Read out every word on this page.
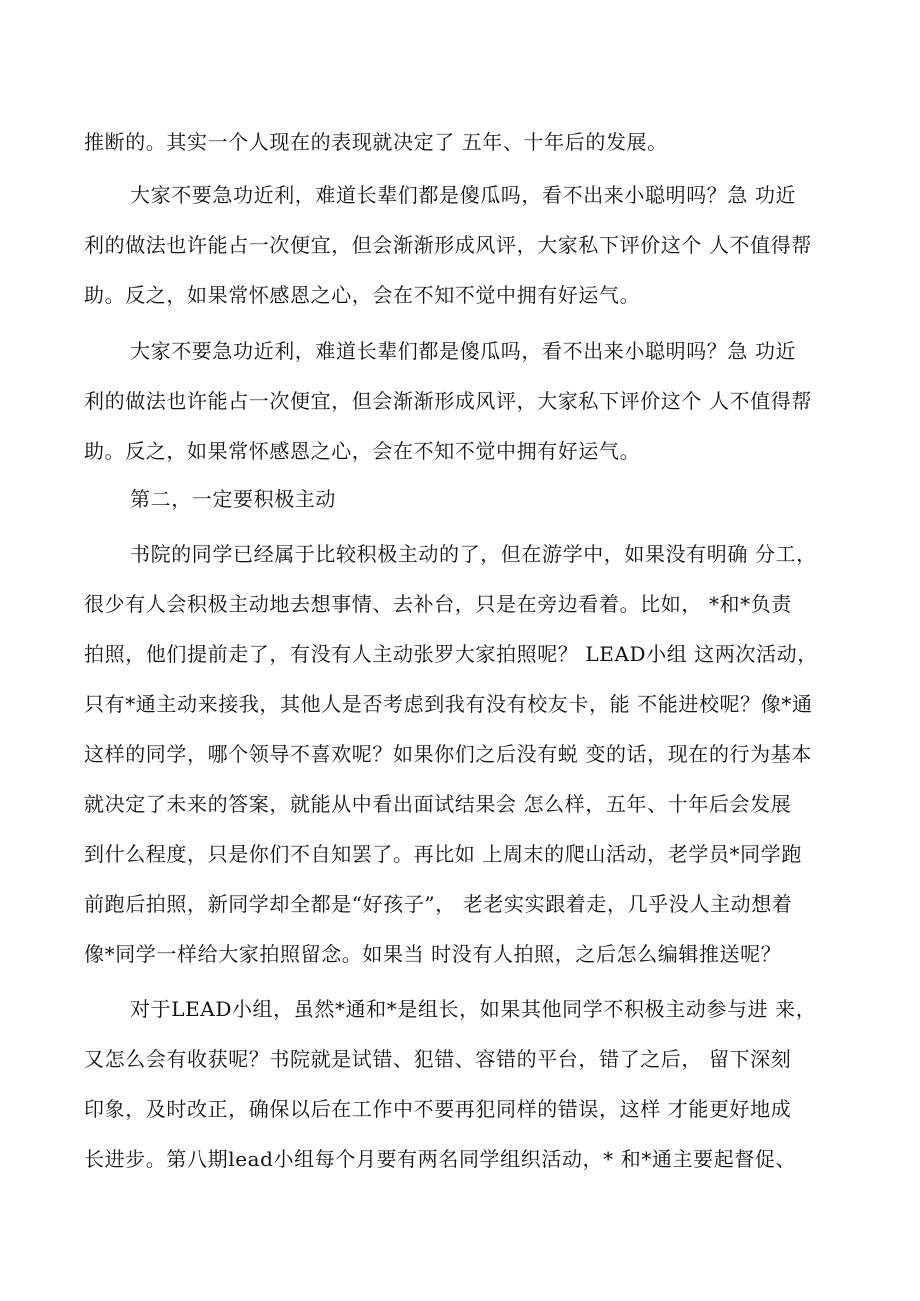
推断的。其实一个人现在的表现就决定了 五年、十年后的发展。
大家不要急功近利，难道长辈们都是傻瓜吗，看不出来小聪明吗？急 功近
利的做法也许能占一次便宜，但会渐渐形成风评，大家私下评价这个 人不值得帮
助。反之，如果常怀感恩之心，会在不知不觉中拥有好运气。
大家不要急功近利，难道长辈们都是傻瓜吗，看不出来小聪明吗？急 功近
利的做法也许能占一次便宜，但会渐渐形成风评，大家私下评价这个 人不值得帮
助。反之，如果常怀感恩之心，会在不知不觉中拥有好运气。
第二，一定要积极主动
书院的同学已经属于比较积极主动的了，但在游学中，如果没有明确 分工，
很少有人会积极主动地去想事情、去补台，只是在旁边看着。比如， *和*负责
拍照，他们提前走了，有没有人主动张罗大家拍照呢？ LEAD小组 这两次活动，
只有*通主动来接我，其他人是否考虑到我有没有校友卡，能 不能进校呢？像*通
这样的同学，哪个领导不喜欢呢？如果你们之后没有蜕 变的话，现在的行为基本
就决定了未来的答案，就能从中看出面试结果会 怎么样，五年、十年后会发展
到什么程度，只是你们不自知罢了。再比如 上周末的爬山活动，老学员*同学跑
前跑后拍照，新同学却全都是“好孩子”， 老老实实跟着走，几乎没人主动想着
像*同学一样给大家拍照留念。如果当 时没有人拍照，之后怎么编辑推送呢？
对于LEAD小组，虽然*通和*是组长，如果其他同学不积极主动参与进 来，
又怎么会有收获呢？书院就是试错、犯错、容错的平台，错了之后， 留下深刻
印象，及时改正，确保以后在工作中不要再犯同样的错误，这样 才能更好地成
长进步。第八期lead小组每个月要有两名同学组织活动，* 和*通主要起督促、
